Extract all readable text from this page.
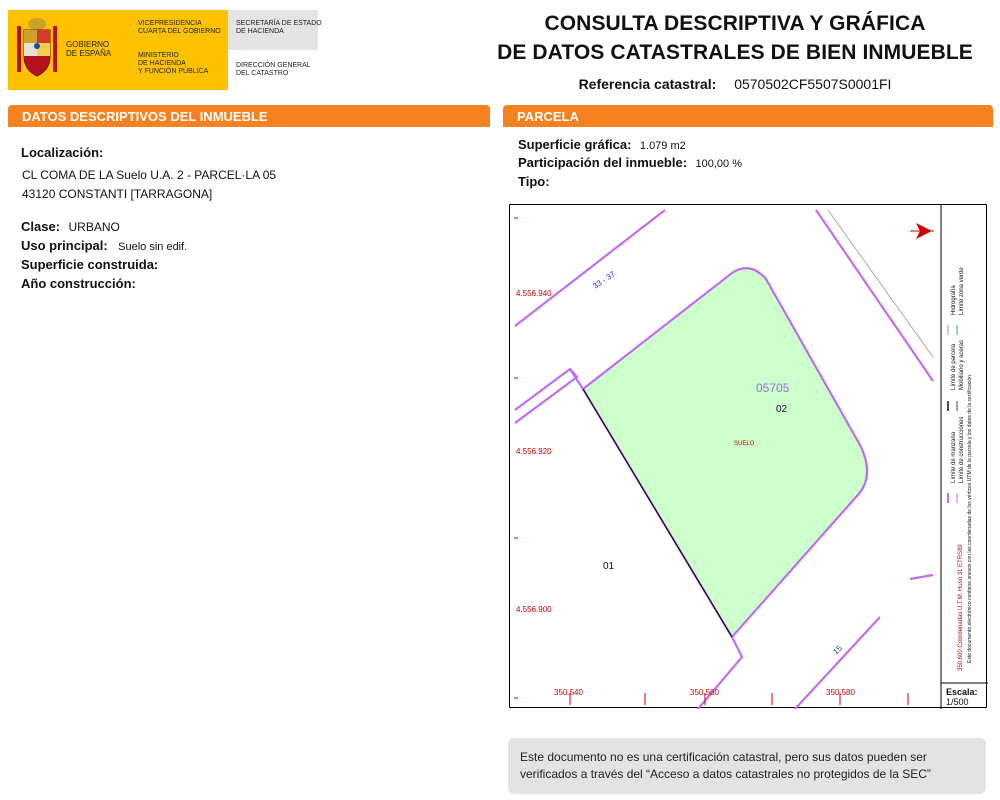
GOBIERNO
DE ESPAÑA
VICEPRESIDENCIA
CUARTA DEL GOBIERNO
MINISTERIO
DE HACIENDA
Y FUNCIÓN PÚBLICA
SECRETARÍA DE ESTADO
DE HACIENDA
DIRECCIÓN GENERAL
DEL CATASTRO
CONSULTA DESCRIPTIVA Y GRÁFICA
DE DATOS CATASTRALES DE BIEN INMUEBLE
Referencia catastral: 0570502CF5507S0001FI
DATOS DESCRIPTIVOS DEL INMUEBLE	PARCELA
Localización:
CL COMA DE LA Suelo U.A. 2 - PARCEL·LA 05
43120 CONSTANTI [TARRAGONA]
Clase: URBANO
Uso principal: Suelo sin edif.
Superficie construida:
Año construcción:
Superficie gráfica: 1.079 m2
Participación del inmueble: 100,00 %
Tipo:
05705
02
SUELO
01
33 - 37
15
4.556.940
4.556.920
4.556.900
350.540	350.560	350.580
Límite de manzana
Límite de parcela
Hidrografía
Límite de construcciones
Mobiliario y aceras
Límite zona verde
350.600 Coordenadas U.T.M. Huso 31 ETRS89 Este documento electrónico contiene anexos con las coordenadas de los vértices UTM de la parcela y los datos de la certificación.
Escala:
1/500
Este documento no es una certificación catastral, pero sus datos pueden ser verificados a través del “Acceso a datos catastrales no protegidos de la SEC”
